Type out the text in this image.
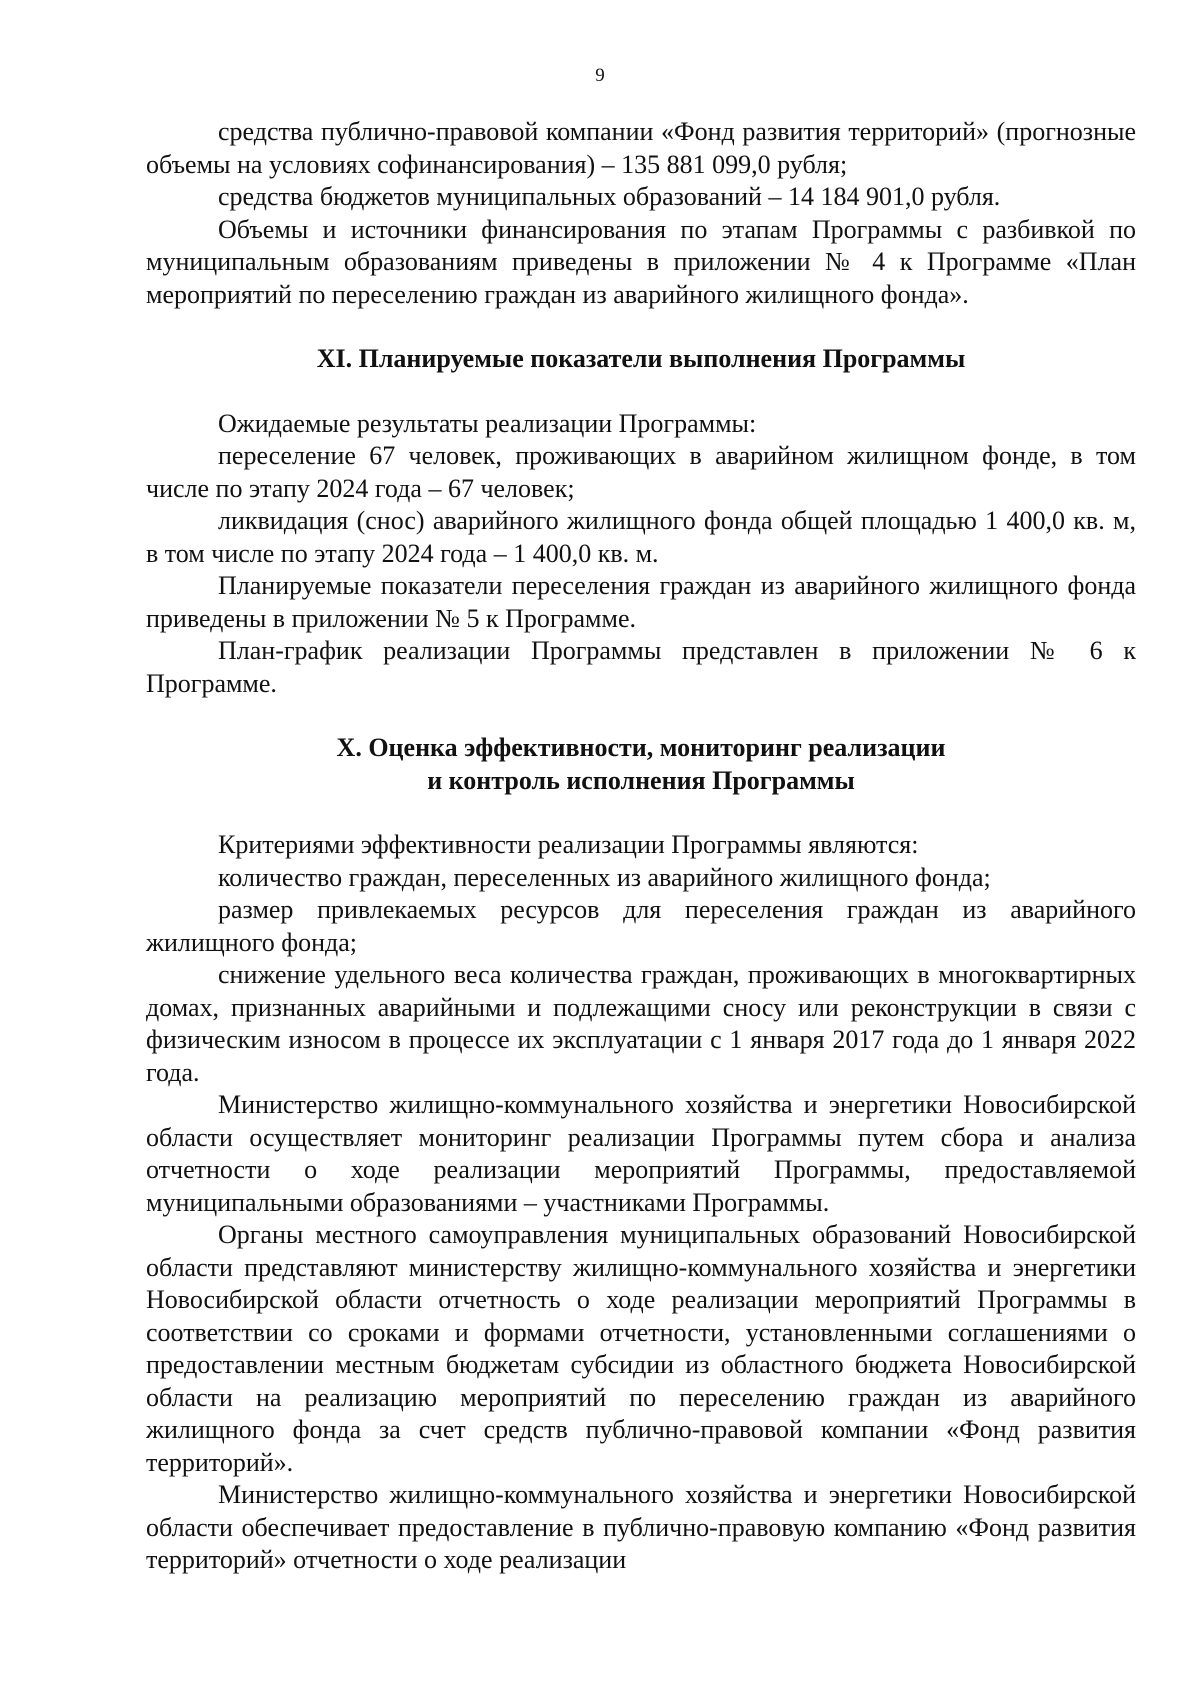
9

средства публично-правовой компании «Фонд развития территорий» (прогнозные объемы на условиях софинансирования) – 135 881 099,0 рубля;

средства бюджетов муниципальных образований – 14 184 901,0 рубля.

Объемы и источники финансирования по этапам Программы с разбивкой по муниципальным образованиям приведены в приложении № 4 к Программе «План мероприятий по переселению граждан из аварийного жилищного фонда».

XI. Планируемые показатели выполнения Программы

Ожидаемые результаты реализации Программы:

переселение 67 человек, проживающих в аварийном жилищном фонде, в том числе по этапу 2024 года – 67 человек;

ликвидация (снос) аварийного жилищного фонда общей площадью 1 400,0 кв. м, в том числе по этапу 2024 года – 1 400,0 кв. м.

Планируемые показатели переселения граждан из аварийного жилищного фонда приведены в приложении № 5 к Программе.

План-график реализации Программы представлен в приложении № 6 к Программе.

X. Оценка эффективности, мониторинг реализации
и контроль исполнения Программы

Критериями эффективности реализации Программы являются:

количество граждан, переселенных из аварийного жилищного фонда;

размер привлекаемых ресурсов для переселения граждан из аварийного жилищного фонда;

снижение удельного веса количества граждан, проживающих в многоквартирных домах, признанных аварийными и подлежащими сносу или реконструкции в связи с физическим износом в процессе их эксплуатации с 1 января 2017 года до 1 января 2022 года.

Министерство жилищно-коммунального хозяйства и энергетики Новосибирской области осуществляет мониторинг реализации Программы путем сбора и анализа отчетности о ходе реализации мероприятий Программы, предоставляемой муниципальными образованиями – участниками Программы.

Органы местного самоуправления муниципальных образований Новосибирской области представляют министерству жилищно-коммунального хозяйства и энергетики Новосибирской области отчетность о ходе реализации мероприятий Программы в соответствии со сроками и формами отчетности, установленными соглашениями о предоставлении местным бюджетам субсидии из областного бюджета Новосибирской области на реализацию мероприятий по переселению граждан из аварийного жилищного фонда за счет средств публично-правовой компании «Фонд развития территорий».

Министерство жилищно-коммунального хозяйства и энергетики Новосибирской области обеспечивает предоставление в публично-правовую компанию «Фонд развития территорий» отчетности о ходе реализации
